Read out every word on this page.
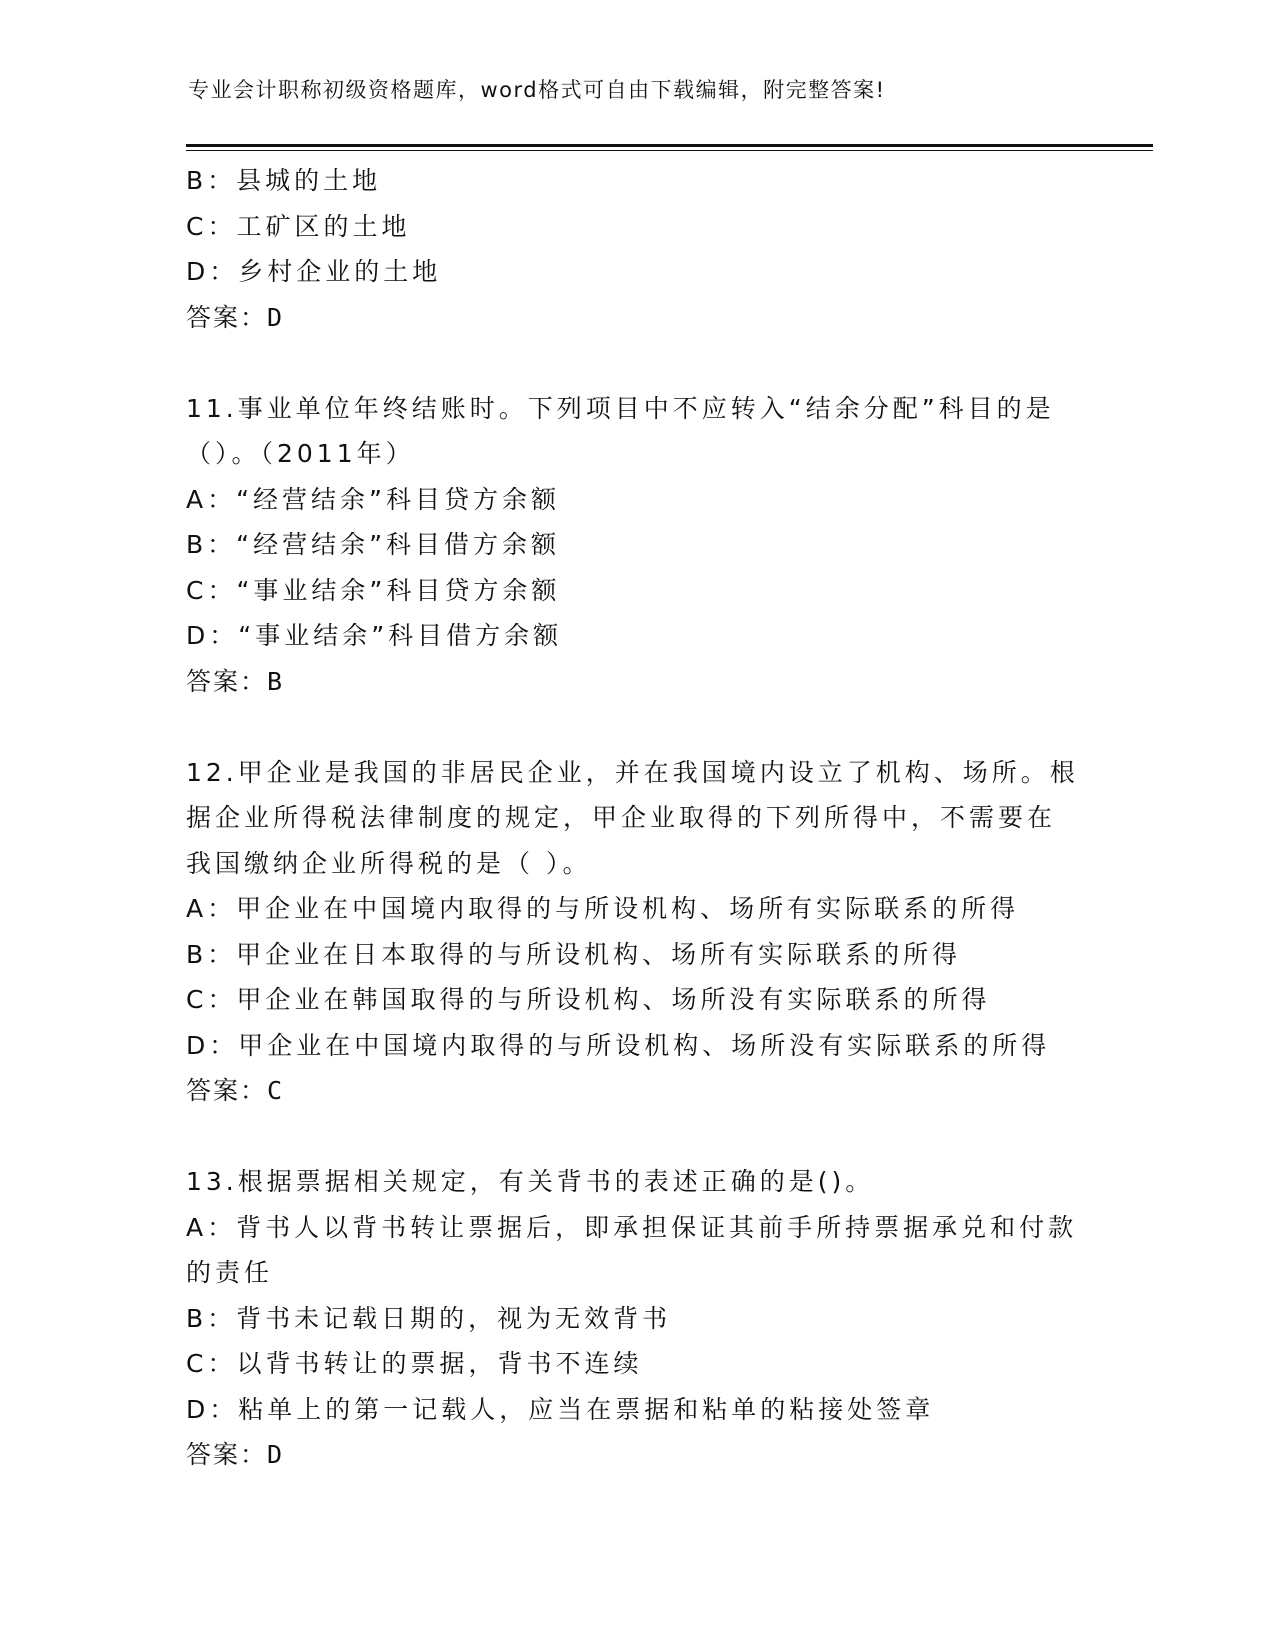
专业会计职称初级资格题库，word格式可自由下载编辑，附完整答案!
B：县城的土地
C：工矿区的土地
D：乡村企业的土地
答案：D
11.事业单位年终结账时。下列项目中不应转入“结余分配”科目的是
（）。（2011年）
A：“经营结余”科目贷方余额
B：“经营结余”科目借方余额
C：“事业结余”科目贷方余额
D：“事业结余”科目借方余额
答案：B
12.甲企业是我国的非居民企业，并在我国境内设立了机构、场所。根
据企业所得税法律制度的规定，甲企业取得的下列所得中，不需要在
我国缴纳企业所得税的是（ ）。
A：甲企业在中国境内取得的与所设机构、场所有实际联系的所得
B：甲企业在日本取得的与所设机构、场所有实际联系的所得
C：甲企业在韩国取得的与所设机构、场所没有实际联系的所得
D：甲企业在中国境内取得的与所设机构、场所没有实际联系的所得
答案：C
13.根据票据相关规定，有关背书的表述正确的是()。
A：背书人以背书转让票据后，即承担保证其前手所持票据承兑和付款
的责任
B：背书未记载日期的，视为无效背书
C：以背书转让的票据，背书不连续
D：粘单上的第一记载人，应当在票据和粘单的粘接处签章
答案：D
